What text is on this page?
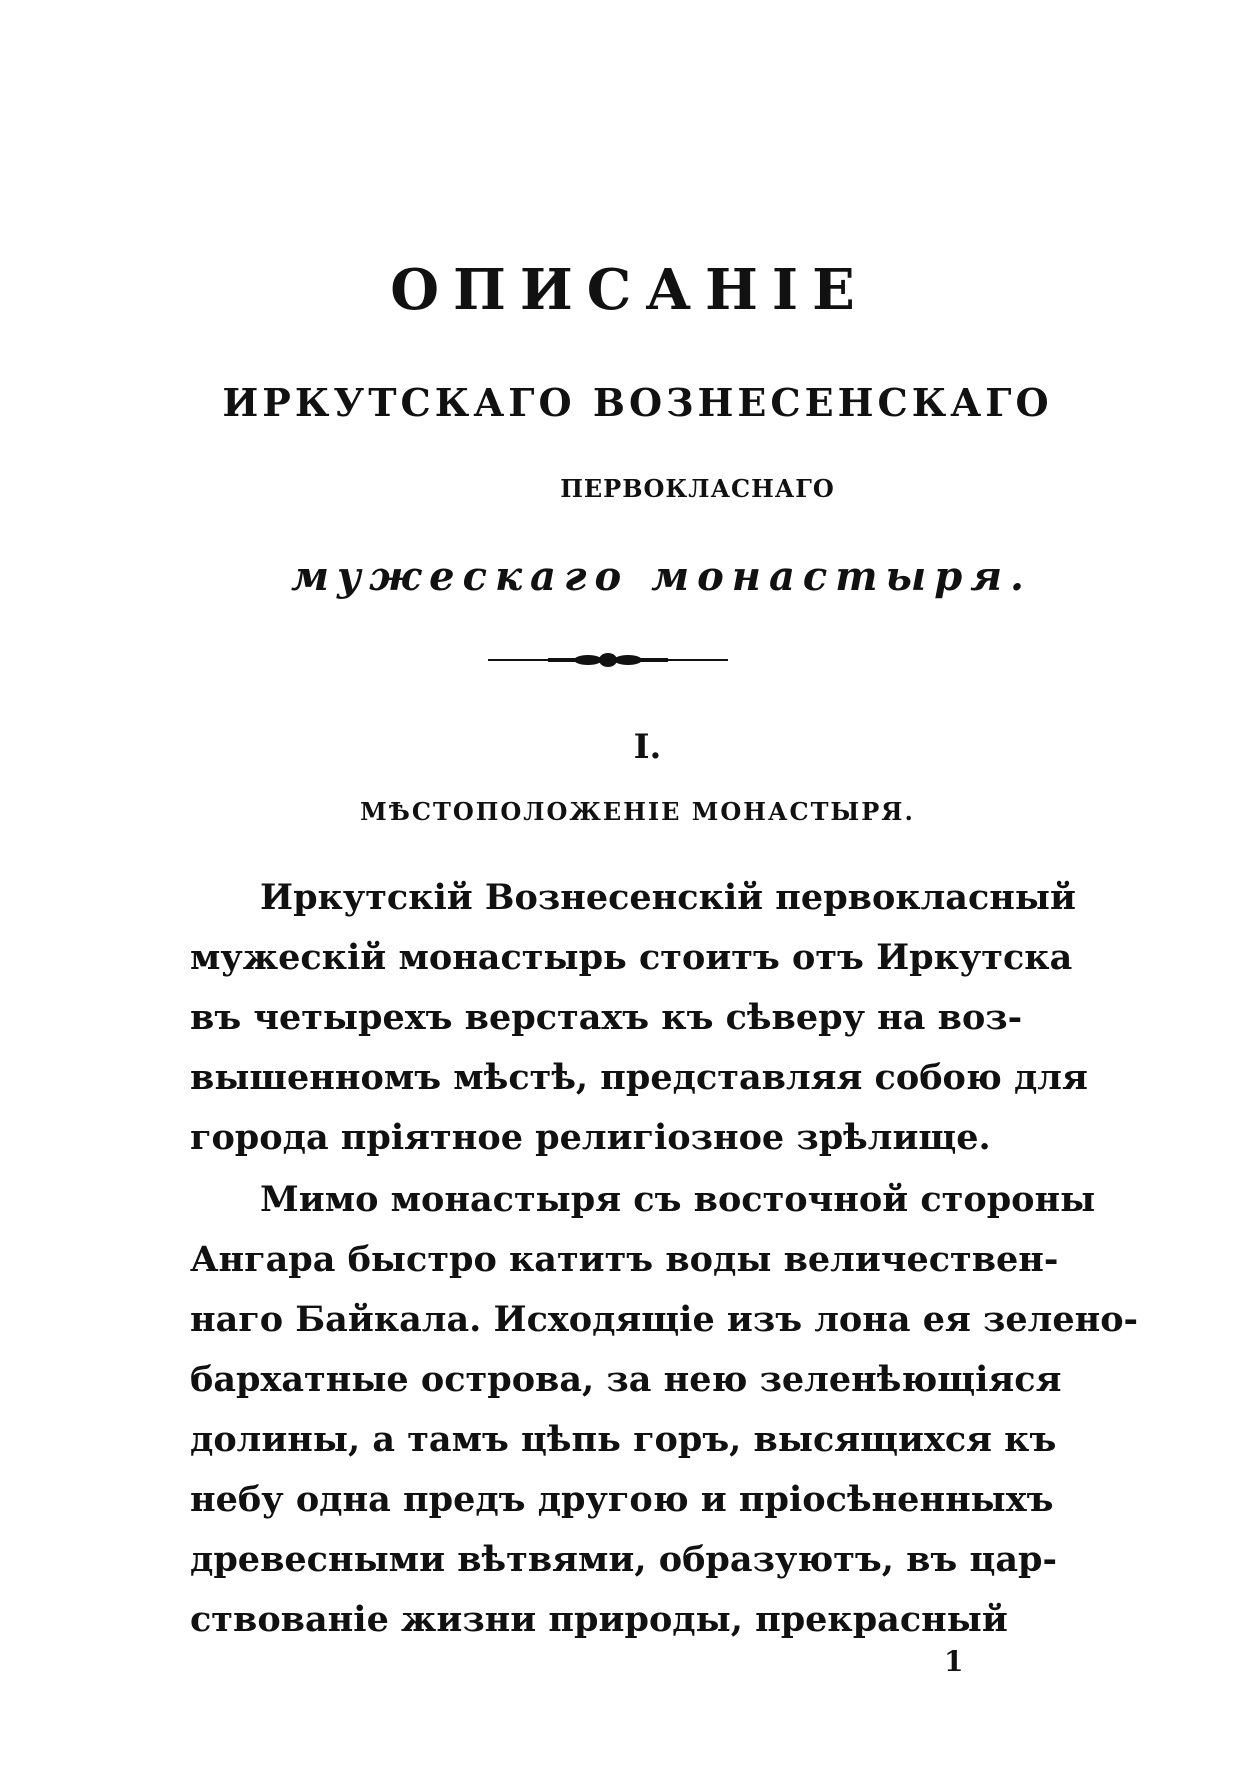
ОПИСАНІЕ
ИРКУТСКАГО ВОЗНЕСЕНСКАГО
ПЕРВОКЛАСНАГО
мужескаго монастыря.
I.
МѢСТОПОЛОЖЕНІЕ МОНАСТЫРЯ.
Иркутскій Вознесенскій первокласный
мужескій монастырь стоитъ отъ Иркутска
въ четырехъ верстахъ къ сѣверу на воз-
вышенномъ мѣстѣ, представляя собою для
города пріятное религіозное зрѣлище.
Мимо монастыря съ восточной стороны
Ангара быстро катитъ воды величествен-
наго Байкала. Исходящіе изъ лона ея зелено-
бархатные острова, за нею зеленѣющіяся
долины, а тамъ цѣпь горъ, высящихся къ
небу одна предъ другою и пріосѣненныхъ
древесными вѣтвями, образуютъ, въ цар-
ствованіе жизни природы, прекрасный
1
